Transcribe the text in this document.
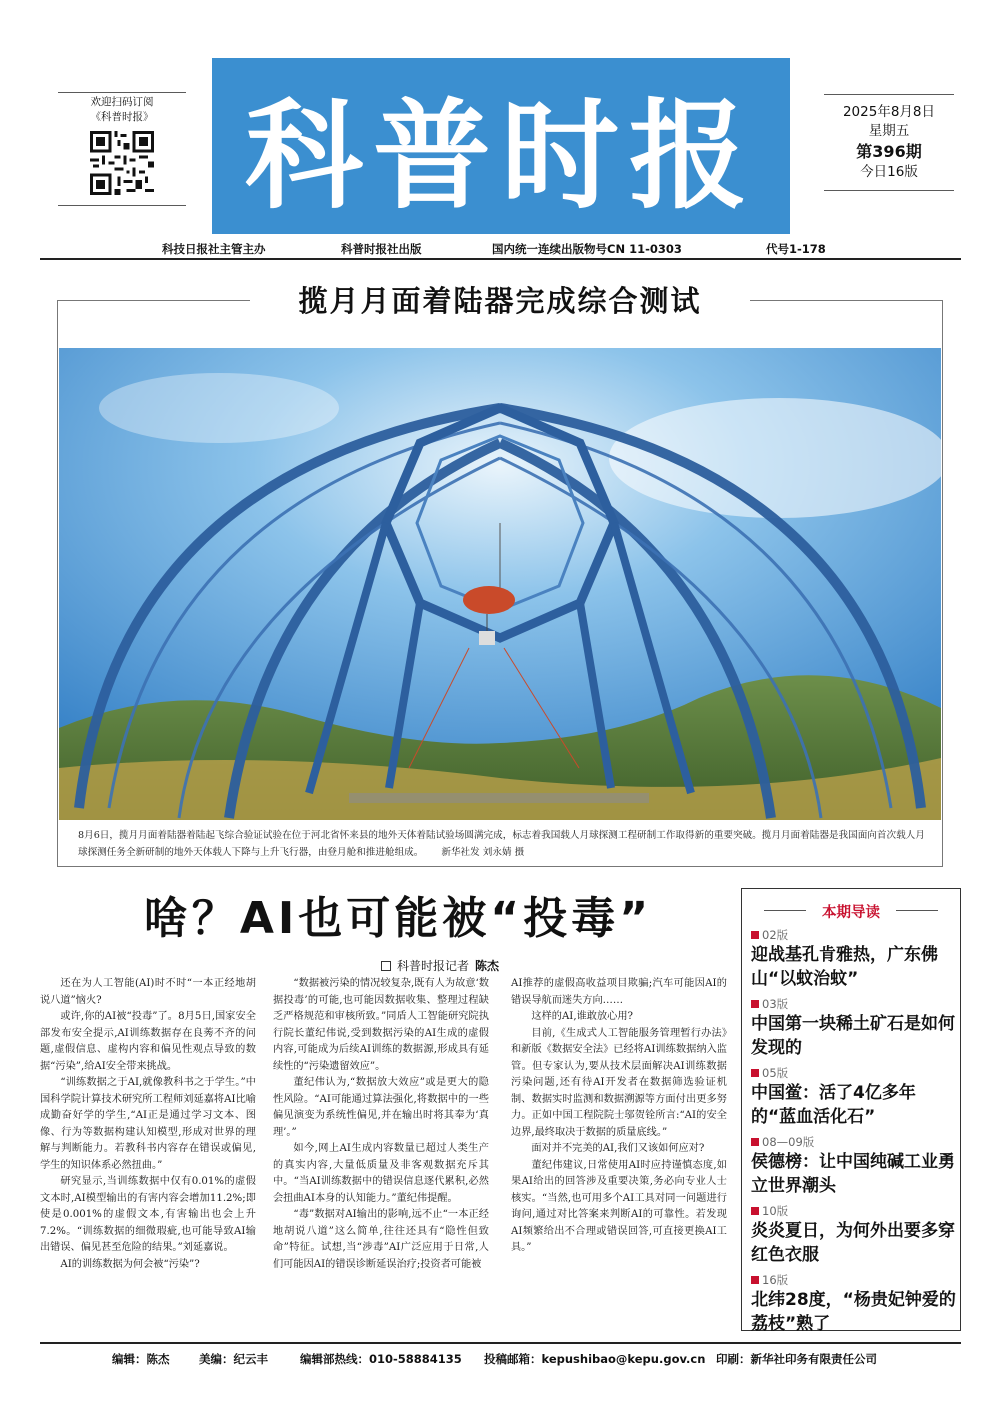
欢迎扫码订阅
《科普时报》 科普时报	2025年8月8日
星期五
第396期
今日16版
科技日报社主管主办	科普时报社出版	国内统一连续出版物号CN 11-0303	代号1-178
揽月月面着陆器完成综合测试
8月6日，揽月月面着陆器着陆起飞综合验证试验在位于河北省怀来县的地外天体着陆试验场圆满完成，标志着我国载人月球探测工程研制工作取得新的重要突破。揽月月面着陆器是我国面向首次载人月球探测任务全新研制的地外天体载人下降与上升飞行器，由登月舱和推进舱组成。 新华社发 刘永婧 摄
啥？AI也可能被“投毒”
科普时报记者 陈杰

还在为人工智能(AI)时不时“一本正经地胡说八道”恼火?

或许,你的AI被“投毒”了。8月5日,国家安全部发布安全提示,AI训练数据存在良莠不齐的问题,虚假信息、虚构内容和偏见性观点导致的数据“污染”,给AI安全带来挑战。

“训练数据之于AI,就像教科书之于学生。”中国科学院计算技术研究所工程师刘延嘉将AI比喻成勤奋好学的学生,“AI正是通过学习文本、图像、行为等数据构建认知模型,形成对世界的理解与判断能力。若教科书内容存在错误或偏见,学生的知识体系必然扭曲。”

研究显示,当训练数据中仅有0.01%的虚假文本时,AI模型输出的有害内容会增加11.2%;即使是0.001%的虚假文本,有害输出也会上升7.2%。“训练数据的细微瑕疵,也可能导致AI输出错误、偏见甚至危险的结果。”刘延嘉说。

AI的训练数据为何会被“污染”?

“数据被污染的情况较复杂,既有人为故意‘数据投毒’的可能,也可能因数据收集、整理过程缺乏严格规范和审核所致。”同盾人工智能研究院执行院长董纪伟说,受到数据污染的AI生成的虚假内容,可能成为后续AI训练的数据源,形成具有延续性的“污染遗留效应”。

董纪伟认为,“数据放大效应”或是更大的隐性风险。“AI可能通过算法强化,将数据中的一些偏见演变为系统性偏见,并在输出时将其奉为‘真理’。”

如今,网上AI生成内容数量已超过人类生产的真实内容,大量低质量及非客观数据充斥其中。“当AI训练数据中的错误信息逐代累积,必然会扭曲AI本身的认知能力。”董纪伟提醒。

“毒”数据对AI输出的影响,远不止“一本正经地胡说八道”这么简单,往往还具有“隐性但致命”特征。试想,当“涉毒”AI广泛应用于日常,人们可能因AI的错误诊断延误治疗;投资者可能被

AI推荐的虚假高收益项目欺骗;汽车可能因AI的错误导航而迷失方向……

这样的AI,谁敢放心用?

目前,《生成式人工智能服务管理暂行办法》和新版《数据安全法》已经将AI训练数据纳入监管。但专家认为,要从技术层面解决AI训练数据污染问题,还有待AI开发者在数据筛选验证机制、数据实时监测和数据溯源等方面付出更多努力。正如中国工程院院士邬贺铨所言:“AI的安全边界,最终取决于数据的质量底线。”

面对并不完美的AI,我们又该如何应对?

董纪伟建议,日常使用AI时应持谨慎态度,如果AI给出的回答涉及重要决策,务必向专业人士核实。“当然,也可用多个AI工具对同一问题进行询问,通过对比答案来判断AI的可靠性。若发现AI频繁给出不合理或错误回答,可直接更换AI工具。”

本期导读
02版
迎战基孔肯雅热，广东佛山“以蚊治蚊”
03版
中国第一块稀土矿石是如何发现的
05版
中国鲎：活了4亿多年的“蓝血活化石”
08—09版
侯德榜：让中国纯碱工业勇立世界潮头
10版
炎炎夏日，为何外出要多穿红色衣服
16版
北纬28度，“杨贵妃钟爱的荔枝”熟了
编辑：陈杰	美编：纪云丰	编辑部热线：010-58884135 投稿邮箱：kepushibao@kepu.gov.cn 印刷：新华社印务有限责任公司
